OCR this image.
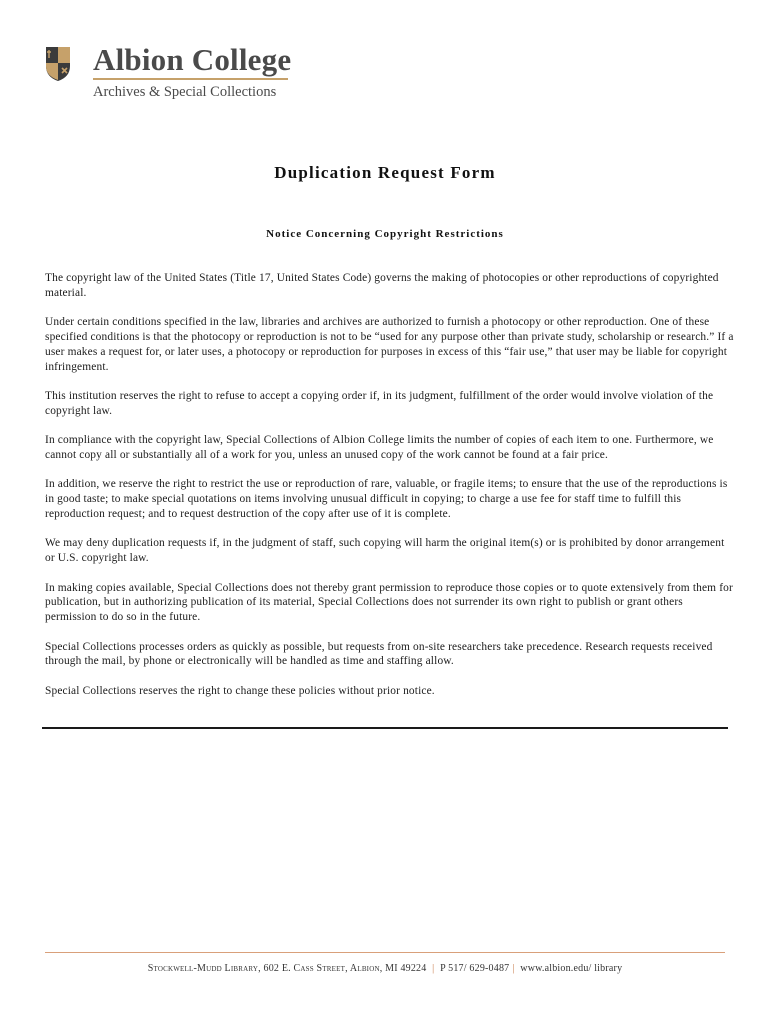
Albion College
Archives & Special Collections
Duplication Request Form
Notice Concerning Copyright Restrictions

The copyright law of the United States (Title 17, United States Code) governs the making of photocopies or other reproductions of copyrighted material.

Under certain conditions specified in the law, libraries and archives are authorized to furnish a photocopy or other reproduction. One of these specified conditions is that the photocopy or reproduction is not to be “used for any purpose other than private study, scholarship or research.” If a user makes a request for, or later uses, a photocopy or reproduction for purposes in excess of this “fair use,” that user may be liable for copyright infringement.

This institution reserves the right to refuse to accept a copying order if, in its judgment, fulfillment of the order would involve violation of the copyright law.

In compliance with the copyright law, Special Collections of Albion College limits the number of copies of each item to one. Furthermore, we cannot copy all or substantially all of a work for you, unless an unused copy of the work cannot be found at a fair price.

In addition, we reserve the right to restrict the use or reproduction of rare, valuable, or fragile items; to ensure that the use of the reproductions is in good taste; to make special quotations on items involving unusual difficult in copying; to charge a use fee for staff time to fulfill this reproduction request; and to request destruction of the copy after use of it is complete.

We may deny duplication requests if, in the judgment of staff, such copying will harm the original item(s) or is prohibited by donor arrangement or U.S. copyright law.

In making copies available, Special Collections does not thereby grant permission to reproduce those copies or to quote extensively from them for publication, but in authorizing publication of its material, Special Collections does not surrender its own right to publish or grant others permission to do so in the future.

Special Collections processes orders as quickly as possible, but requests from on-site researchers take precedence. Research requests received through the mail, by phone or electronically will be handled as time and staffing allow.

Special Collections reserves the right to change these policies without prior notice.

Stockwell-Mudd Library, 602 E. Cass Street, Albion, MI 49224 | P 517/ 629-0487 | www.albion.edu/ library
